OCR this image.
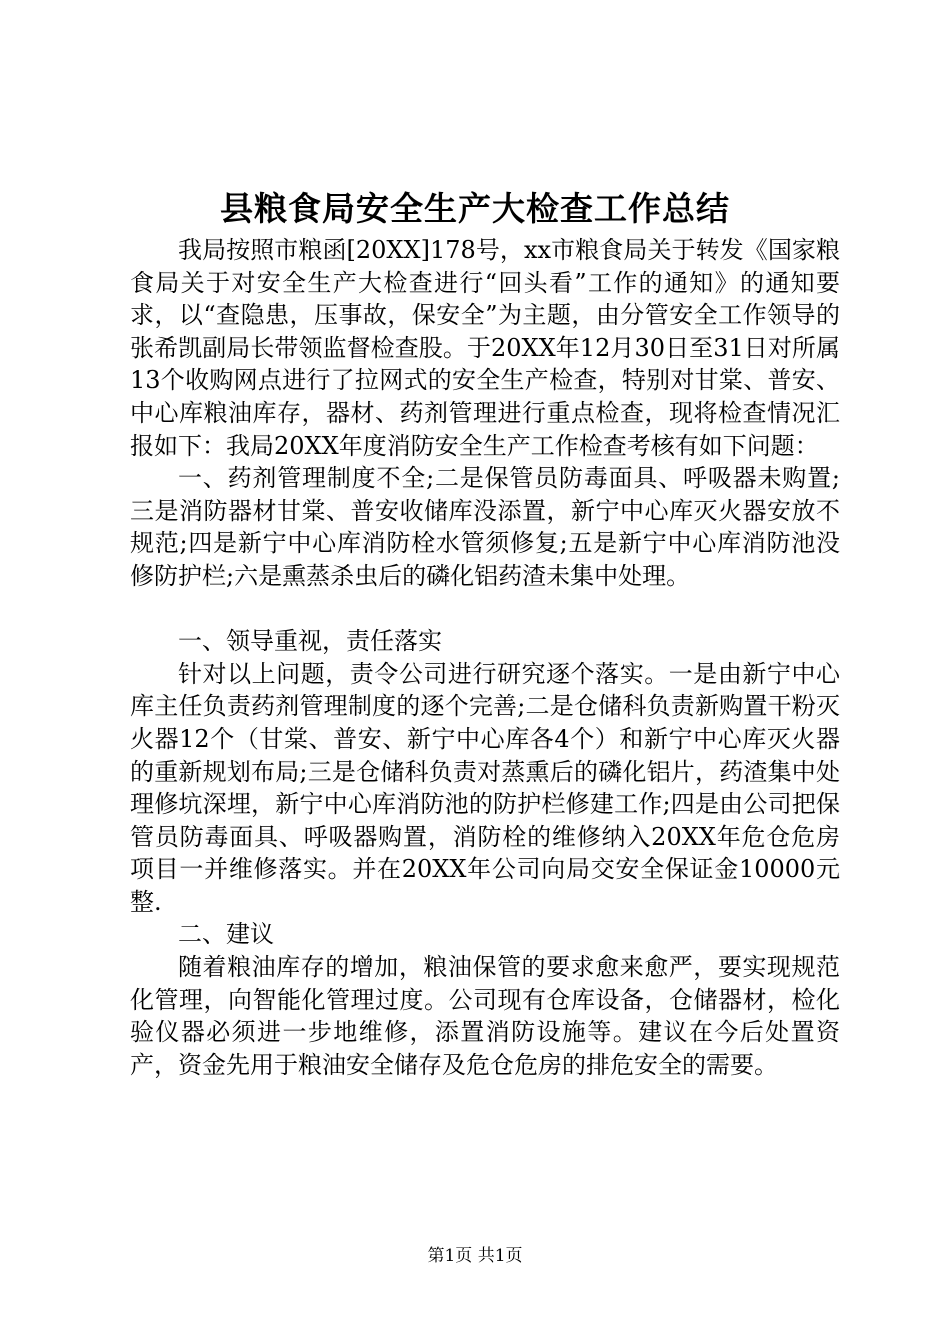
县粮食局安全生产大检查工作总结

我局按照市粮函[20XX]178号，xx市粮食局关于转发《国家粮食局关于对安全生产大检查进行“回头看”工作的通知》的通知要求，以“查隐患，压事故，保安全”为主题，由分管安全工作领导的张希凯副局长带领监督检查股。于20XX年12月30日至31日对所属13个收购网点进行了拉网式的安全生产检查，特别对甘棠、普安、中心库粮油库存，器材、药剂管理进行重点检查，现将检查情况汇报如下：我局20XX年度消防安全生产工作检查考核有如下问题：

一、药剂管理制度不全;二是保管员防毒面具、呼吸器未购置;三是消防器材甘棠、普安收储库没添置，新宁中心库灭火器安放不规范;四是新宁中心库消防栓水管须修复;五是新宁中心库消防池没修防护栏;六是熏蒸杀虫后的磷化铝药渣未集中处理。

一、领导重视，责任落实

针对以上问题，责令公司进行研究逐个落实。一是由新宁中心库主任负责药剂管理制度的逐个完善;二是仓储科负责新购置干粉灭火器12个（甘棠、普安、新宁中心库各4个）和新宁中心库灭火器的重新规划布局;三是仓储科负责对蒸熏后的磷化铝片，药渣集中处理修坑深埋，新宁中心库消防池的防护栏修建工作;四是由公司把保管员防毒面具、呼吸器购置，消防栓的维修纳入20XX年危仓危房项目一并维修落实。并在20XX年公司向局交安全保证金10000元整.

二、建议

随着粮油库存的增加，粮油保管的要求愈来愈严，要实现规范化管理，向智能化管理过度。公司现有仓库设备，仓储器材，检化验仪器必须进一步地维修，添置消防设施等。建议在今后处置资产，资金先用于粮油安全储存及危仓危房的排危安全的需要。

第1页 共1页
